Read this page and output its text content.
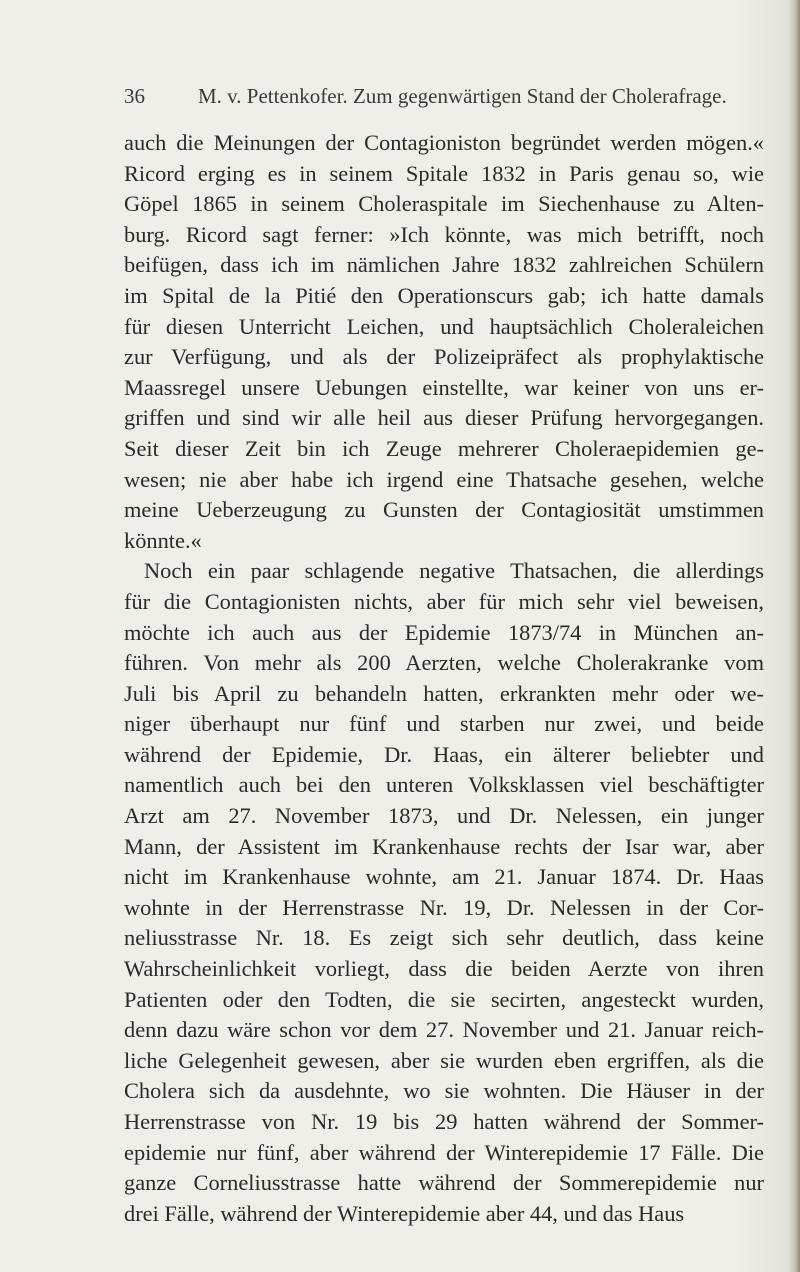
36	M. v. Pettenkofer. Zum gegenwärtigen Stand der Cholerafrage.
auch die Meinungen der Contagioniston begründet werden mögen.«
Ricord erging es in seinem Spitale 1832 in Paris genau so, wie
Göpel 1865 in seinem Choleraspitale im Siechenhause zu Alten-
burg. Ricord sagt ferner: »Ich könnte, was mich betrifft, noch
beifügen, dass ich im nämlichen Jahre 1832 zahlreichen Schülern
im Spital de la Pitié den Operationscurs gab; ich hatte damals
für diesen Unterricht Leichen, und hauptsächlich Choleraleichen
zur Verfügung, und als der Polizeipräfect als prophylaktische
Maassregel unsere Uebungen einstellte, war keiner von uns er-
griffen und sind wir alle heil aus dieser Prüfung hervorgegangen.
Seit dieser Zeit bin ich Zeuge mehrerer Choleraepidemien ge-
wesen; nie aber habe ich irgend eine Thatsache gesehen, welche
meine Ueberzeugung zu Gunsten der Contagiosität umstimmen
könnte.«
Noch ein paar schlagende negative Thatsachen, die allerdings
für die Contagionisten nichts, aber für mich sehr viel beweisen,
möchte ich auch aus der Epidemie 1873/74 in München an-
führen. Von mehr als 200 Aerzten, welche Cholerakranke vom
Juli bis April zu behandeln hatten, erkrankten mehr oder we-
niger überhaupt nur fünf und starben nur zwei, und beide
während der Epidemie, Dr. Haas, ein älterer beliebter und
namentlich auch bei den unteren Volksklassen viel beschäftigter
Arzt am 27. November 1873, und Dr. Nelessen, ein junger
Mann, der Assistent im Krankenhause rechts der Isar war, aber
nicht im Krankenhause wohnte, am 21. Januar 1874. Dr. Haas
wohnte in der Herrenstrasse Nr. 19, Dr. Nelessen in der Cor-
neliusstrasse Nr. 18. Es zeigt sich sehr deutlich, dass keine
Wahrscheinlichkeit vorliegt, dass die beiden Aerzte von ihren
Patienten oder den Todten, die sie secirten, angesteckt wurden,
denn dazu wäre schon vor dem 27. November und 21. Januar reich-
liche Gelegenheit gewesen, aber sie wurden eben ergriffen, als die
Cholera sich da ausdehnte, wo sie wohnten. Die Häuser in der
Herrenstrasse von Nr. 19 bis 29 hatten während der Sommer-
epidemie nur fünf, aber während der Winterepidemie 17 Fälle. Die
ganze Corneliusstrasse hatte während der Sommerepidemie nur
drei Fälle, während der Winterepidemie aber 44, und das Haus
